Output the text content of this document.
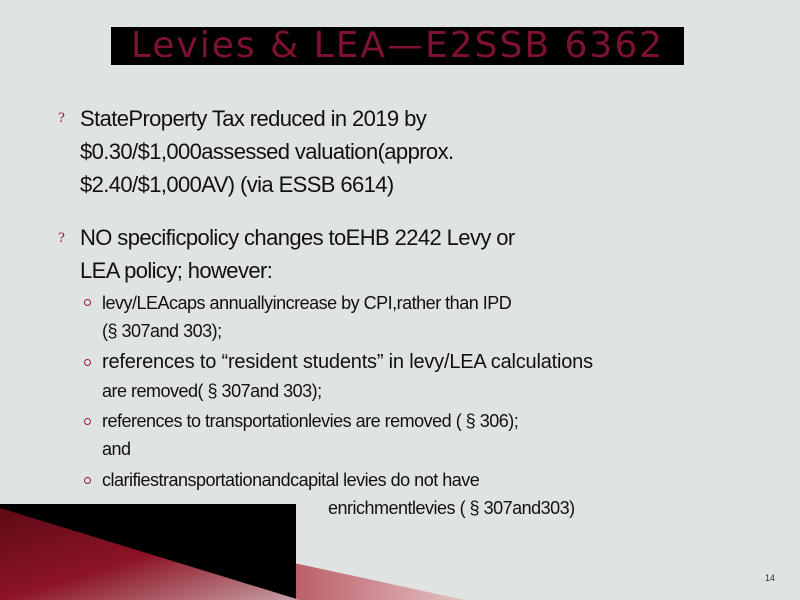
Levies & LEA—E2SSB 6362
? StateProperty Tax reduced in 2019 by
$0.30/$1,000assessed valuation(approx.
$2.40/$1,000AV) (via ESSB 6614)
? NO specificpolicy changes toEHB 2242 Levy or
LEA policy; however:
levy/LEAcaps annuallyincrease by CPI,rather than IPD
(§ 307and 303);
references to “resident students” in levy/LEA calculations
are removed( § 307and 303);
references to transportationlevies are removed ( § 306);
and
clarifiestransportationandcapital levies do not have
enrichmentlevies ( § 307and303)
14
